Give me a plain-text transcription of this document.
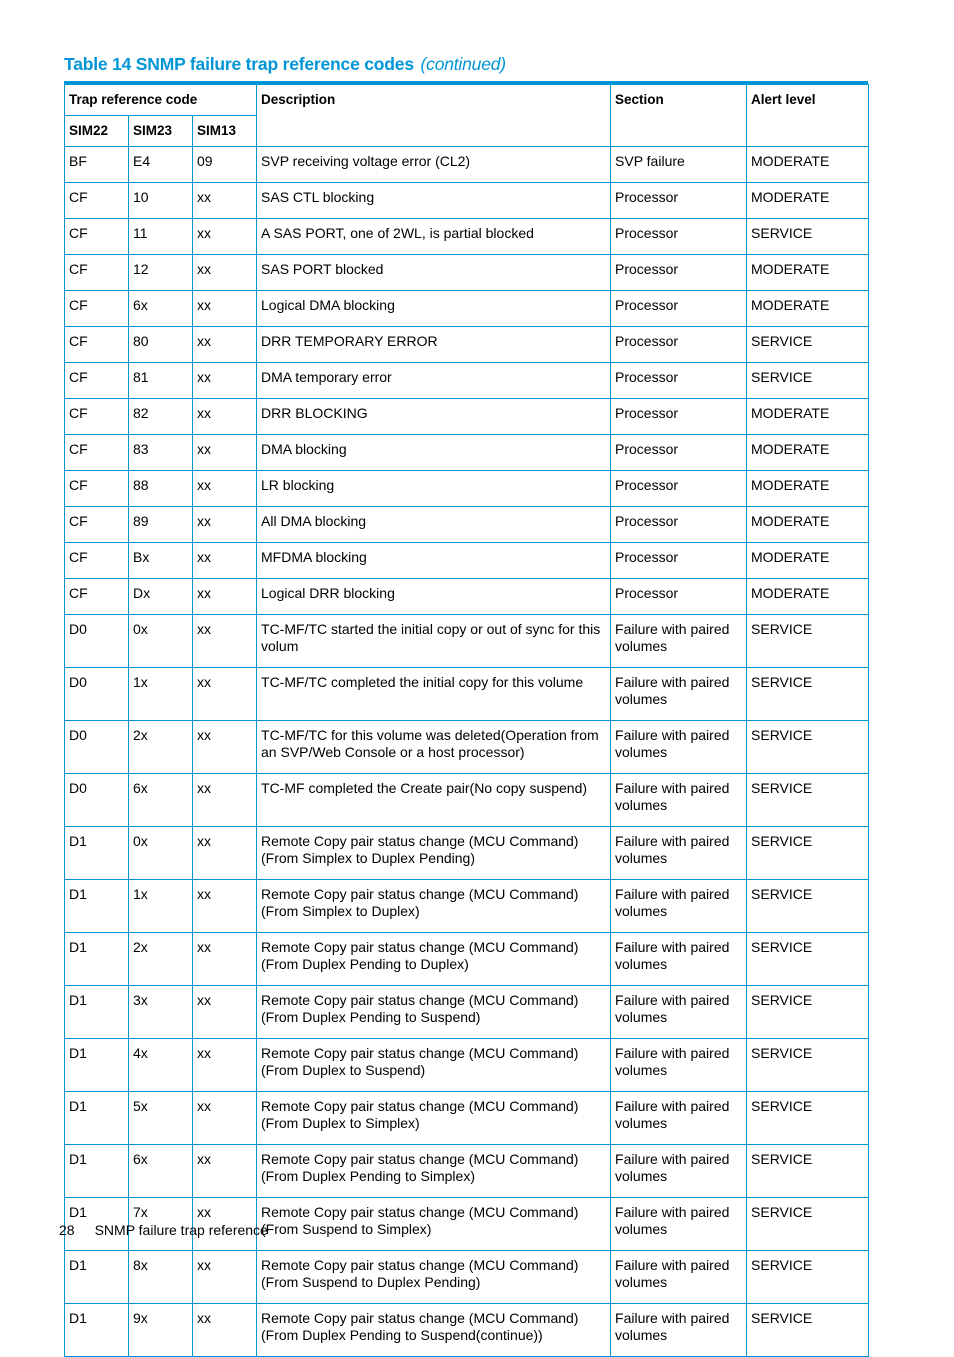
Table 14 SNMP failure trap reference codes (continued)
Trap reference code			Description	Section	Alert level
SIM22	SIM23	SIM13			
BF	E4	09	SVP receiving voltage error (CL2)	SVP failure	MODERATE
CF	10	xx	SAS CTL blocking	Processor	MODERATE
CF	11	xx	A SAS PORT, one of 2WL, is partial blocked	Processor	SERVICE
CF	12	xx	SAS PORT blocked	Processor	MODERATE
CF	6x	xx	Logical DMA blocking	Processor	MODERATE
CF	80	xx	DRR TEMPORARY ERROR	Processor	SERVICE
CF	81	xx	DMA temporary error	Processor	SERVICE
CF	82	xx	DRR BLOCKING	Processor	MODERATE
CF	83	xx	DMA blocking	Processor	MODERATE
CF	88	xx	LR blocking	Processor	MODERATE
CF	89	xx	All DMA blocking	Processor	MODERATE
CF	Bx	xx	MFDMA blocking	Processor	MODERATE
CF	Dx	xx	Logical DRR blocking	Processor	MODERATE
D0	0x	xx	TC-MF/TC started the initial copy or out of sync for this volum	Failure with paired volumes	SERVICE
D0	1x	xx	TC-MF/TC completed the initial copy for this volume	Failure with paired volumes	SERVICE
D0	2x	xx	TC-MF/TC for this volume was deleted(Operation from an SVP/Web Console or a host processor)	Failure with paired volumes	SERVICE
D0	6x	xx	TC-MF completed the Create pair(No copy suspend)	Failure with paired volumes	SERVICE
D1	0x	xx	Remote Copy pair status change (MCU Command) (From Simplex to Duplex Pending)	Failure with paired volumes	SERVICE
D1	1x	xx	Remote Copy pair status change (MCU Command) (From Simplex to Duplex)	Failure with paired volumes	SERVICE
D1	2x	xx	Remote Copy pair status change (MCU Command) (From Duplex Pending to Duplex)	Failure with paired volumes	SERVICE
D1	3x	xx	Remote Copy pair status change (MCU Command) (From Duplex Pending to Suspend)	Failure with paired volumes	SERVICE
D1	4x	xx	Remote Copy pair status change (MCU Command) (From Duplex to Suspend)	Failure with paired volumes	SERVICE
D1	5x	xx	Remote Copy pair status change (MCU Command) (From Duplex to Simplex)	Failure with paired volumes	SERVICE
D1	6x	xx	Remote Copy pair status change (MCU Command) (From Duplex Pending to Simplex)	Failure with paired volumes	SERVICE
D1	7x	xx	Remote Copy pair status change (MCU Command) (From Suspend to Simplex)	Failure with paired volumes	SERVICE
D1	8x	xx	Remote Copy pair status change (MCU Command) (From Suspend to Duplex Pending)	Failure with paired volumes	SERVICE
D1	9x	xx	Remote Copy pair status change (MCU Command) (From Duplex Pending to Suspend(continue))	Failure with paired volumes	SERVICE
28 SNMP failure trap reference
